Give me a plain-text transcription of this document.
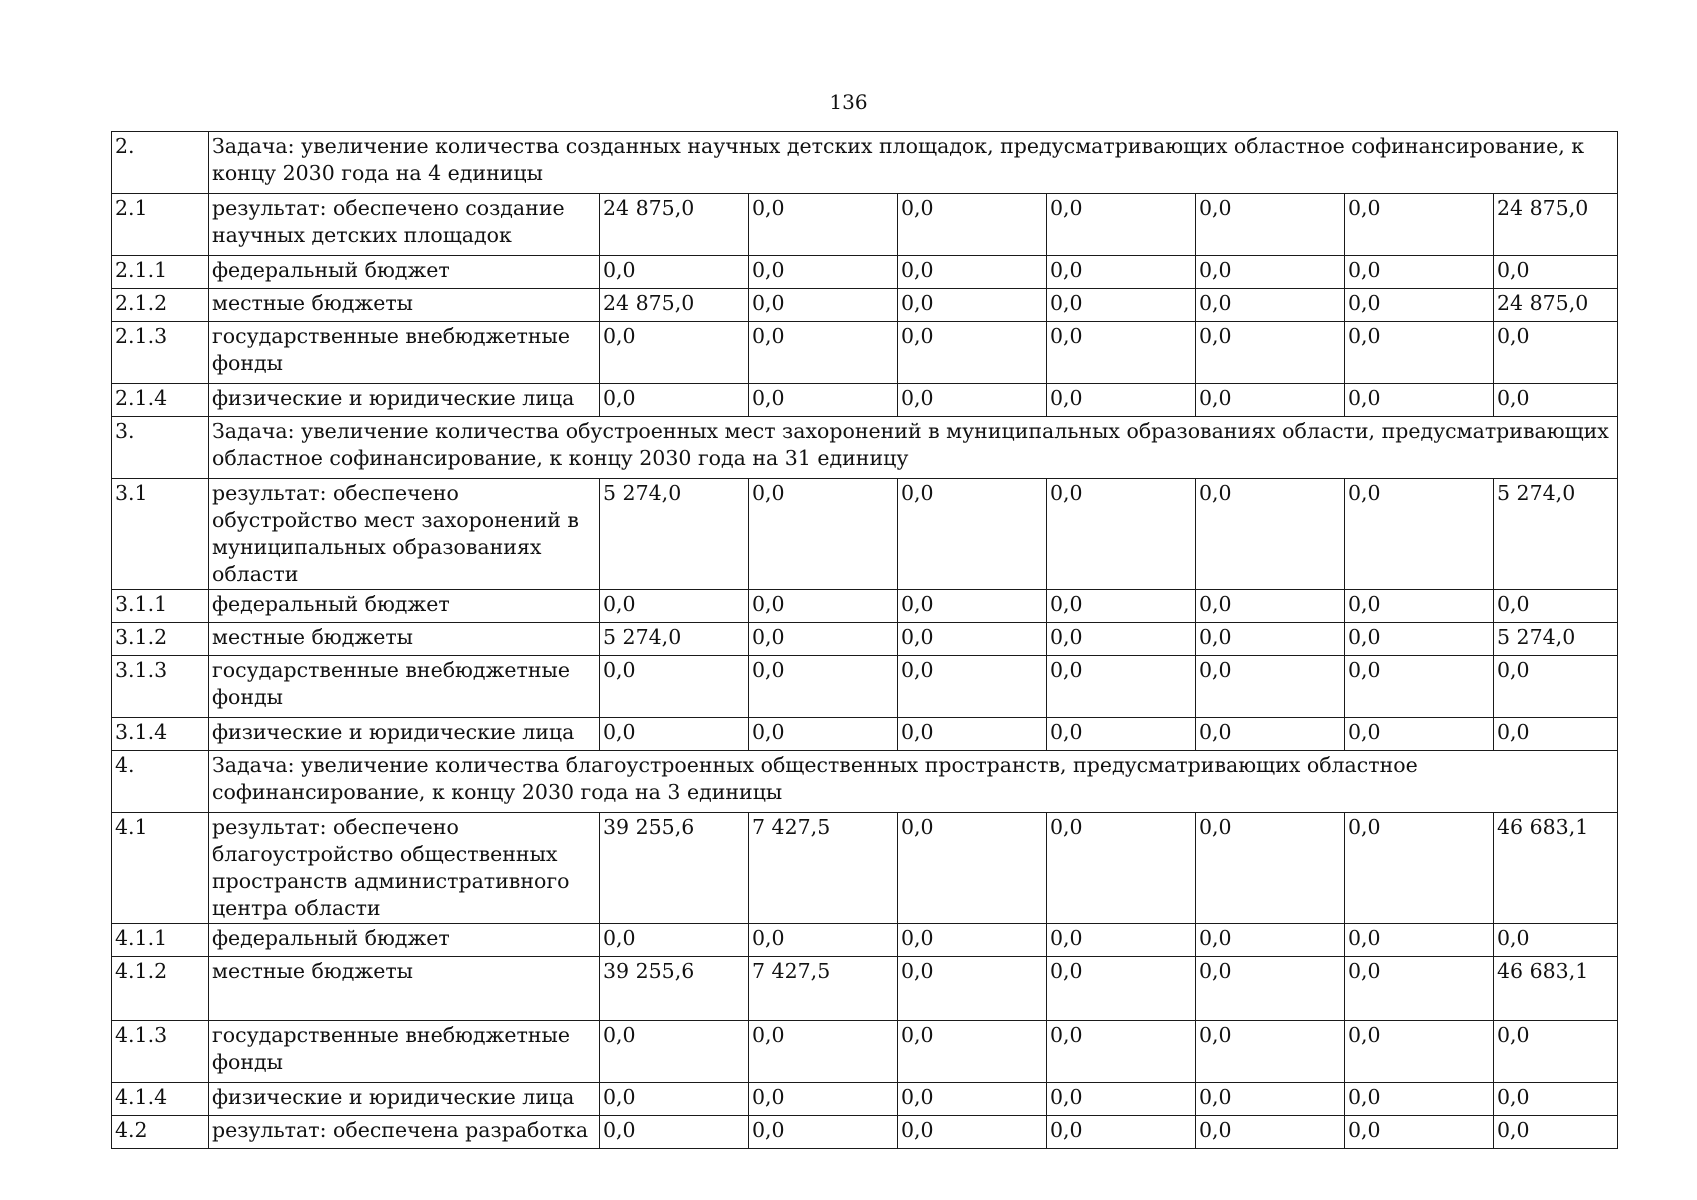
136
2.	Задача: увеличение количества созданных научных детских площадок, предусматривающих областное софинансирование, к концу 2030 года на 4 единицы							
2.1	результат: обеспечено создание научных детских площадок	24 875,0	0,0	0,0	0,0	0,0	0,0	24 875,0
2.1.1	федеральный бюджет	0,0	0,0	0,0	0,0	0,0	0,0	0,0
2.1.2	местные бюджеты	24 875,0	0,0	0,0	0,0	0,0	0,0	24 875,0
2.1.3	государственные внебюджетные фонды	0,0	0,0	0,0	0,0	0,0	0,0	0,0
2.1.4	физические и юридические лица	0,0	0,0	0,0	0,0	0,0	0,0	0,0
3.	Задача: увеличение количества обустроенных мест захоронений в муниципальных образованиях области, предусматривающих областное софинансирование, к концу 2030 года на 31 единицу							
3.1	результат: обеспечено обустройство мест захоронений в муниципальных образованиях области	5 274,0	0,0	0,0	0,0	0,0	0,0	5 274,0
3.1.1	федеральный бюджет	0,0	0,0	0,0	0,0	0,0	0,0	0,0
3.1.2	местные бюджеты	5 274,0	0,0	0,0	0,0	0,0	0,0	5 274,0
3.1.3	государственные внебюджетные фонды	0,0	0,0	0,0	0,0	0,0	0,0	0,0
3.1.4	физические и юридические лица	0,0	0,0	0,0	0,0	0,0	0,0	0,0
4.	Задача: увеличение количества благоустроенных общественных пространств, предусматривающих областное софинансирование, к концу 2030 года на 3 единицы							
4.1	результат: обеспечено благоустройство общественных пространств административного центра области	39 255,6	7 427,5	0,0	0,0	0,0	0,0	46 683,1
4.1.1	федеральный бюджет	0,0	0,0	0,0	0,0	0,0	0,0	0,0
4.1.2	местные бюджеты	39 255,6	7 427,5	0,0	0,0	0,0	0,0	46 683,1
4.1.3	государственные внебюджетные фонды	0,0	0,0	0,0	0,0	0,0	0,0	0,0
4.1.4	физические и юридические лица	0,0	0,0	0,0	0,0	0,0	0,0	0,0
4.2	результат: обеспечена разработка	0,0	0,0	0,0	0,0	0,0	0,0	0,0
